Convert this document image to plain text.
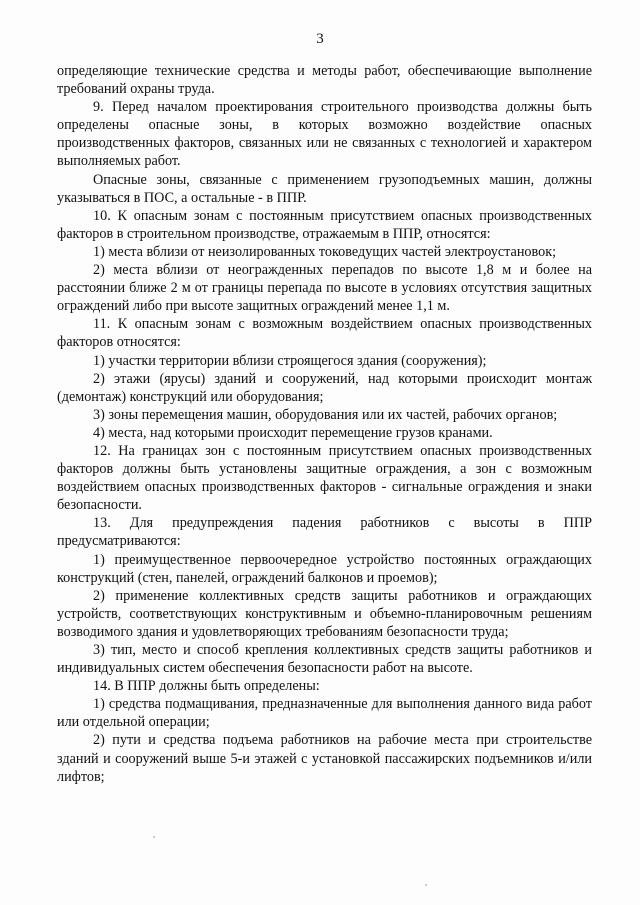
3

определяющие технические средства и методы работ, обеспечивающие выполнение требований охраны труда.

9. Перед началом проектирования строительного производства должны быть определены опасные зоны, в которых возможно воздействие опасных производственных факторов, связанных или не связанных с технологией и характером выполняемых работ.

Опасные зоны, связанные с применением грузоподъемных машин, должны указываться в ПОС, а остальные - в ППР.

10. К опасным зонам с постоянным присутствием опасных производственных факторов в строительном производстве, отражаемым в ППР, относятся:

1) места вблизи от неизолированных токоведущих частей электроустановок;

2) места вблизи от неогражденных перепадов по высоте 1,8 м и более на расстоянии ближе 2 м от границы перепада по высоте в условиях отсутствия защитных ограждений либо при высоте защитных ограждений менее 1,1 м.

11. К опасным зонам с возможным воздействием опасных производственных факторов относятся:

1) участки территории вблизи строящегося здания (сооружения);

2) этажи (ярусы) зданий и сооружений, над которыми происходит монтаж (демонтаж) конструкций или оборудования;

3) зоны перемещения машин, оборудования или их частей, рабочих органов;

4) места, над которыми происходит перемещение грузов кранами.

12. На границах зон с постоянным присутствием опасных производственных факторов должны быть установлены защитные ограждения, а зон с возможным воздействием опасных производственных факторов - сигнальные ограждения и знаки безопасности.

13. Для предупреждения падения работников с высоты в ППР предусматриваются:

1) преимущественное первоочередное устройство постоянных ограждающих конструкций (стен, панелей, ограждений балконов и проемов);

2) применение коллективных средств защиты работников и ограждающих устройств, соответствующих конструктивным и объемно-планировочным решениям возводимого здания и удовлетворяющих требованиям безопасности труда;

3) тип, место и способ крепления коллективных средств защиты работников и индивидуальных систем обеспечения безопасности работ на высоте.

14. В ППР должны быть определены:

1) средства подмащивания, предназначенные для выполнения данного вида работ или отдельной операции;

2) пути и средства подъема работников на рабочие места при строительстве зданий и сооружений выше 5-и этажей с установкой пассажирских подъемников и/или лифтов;
